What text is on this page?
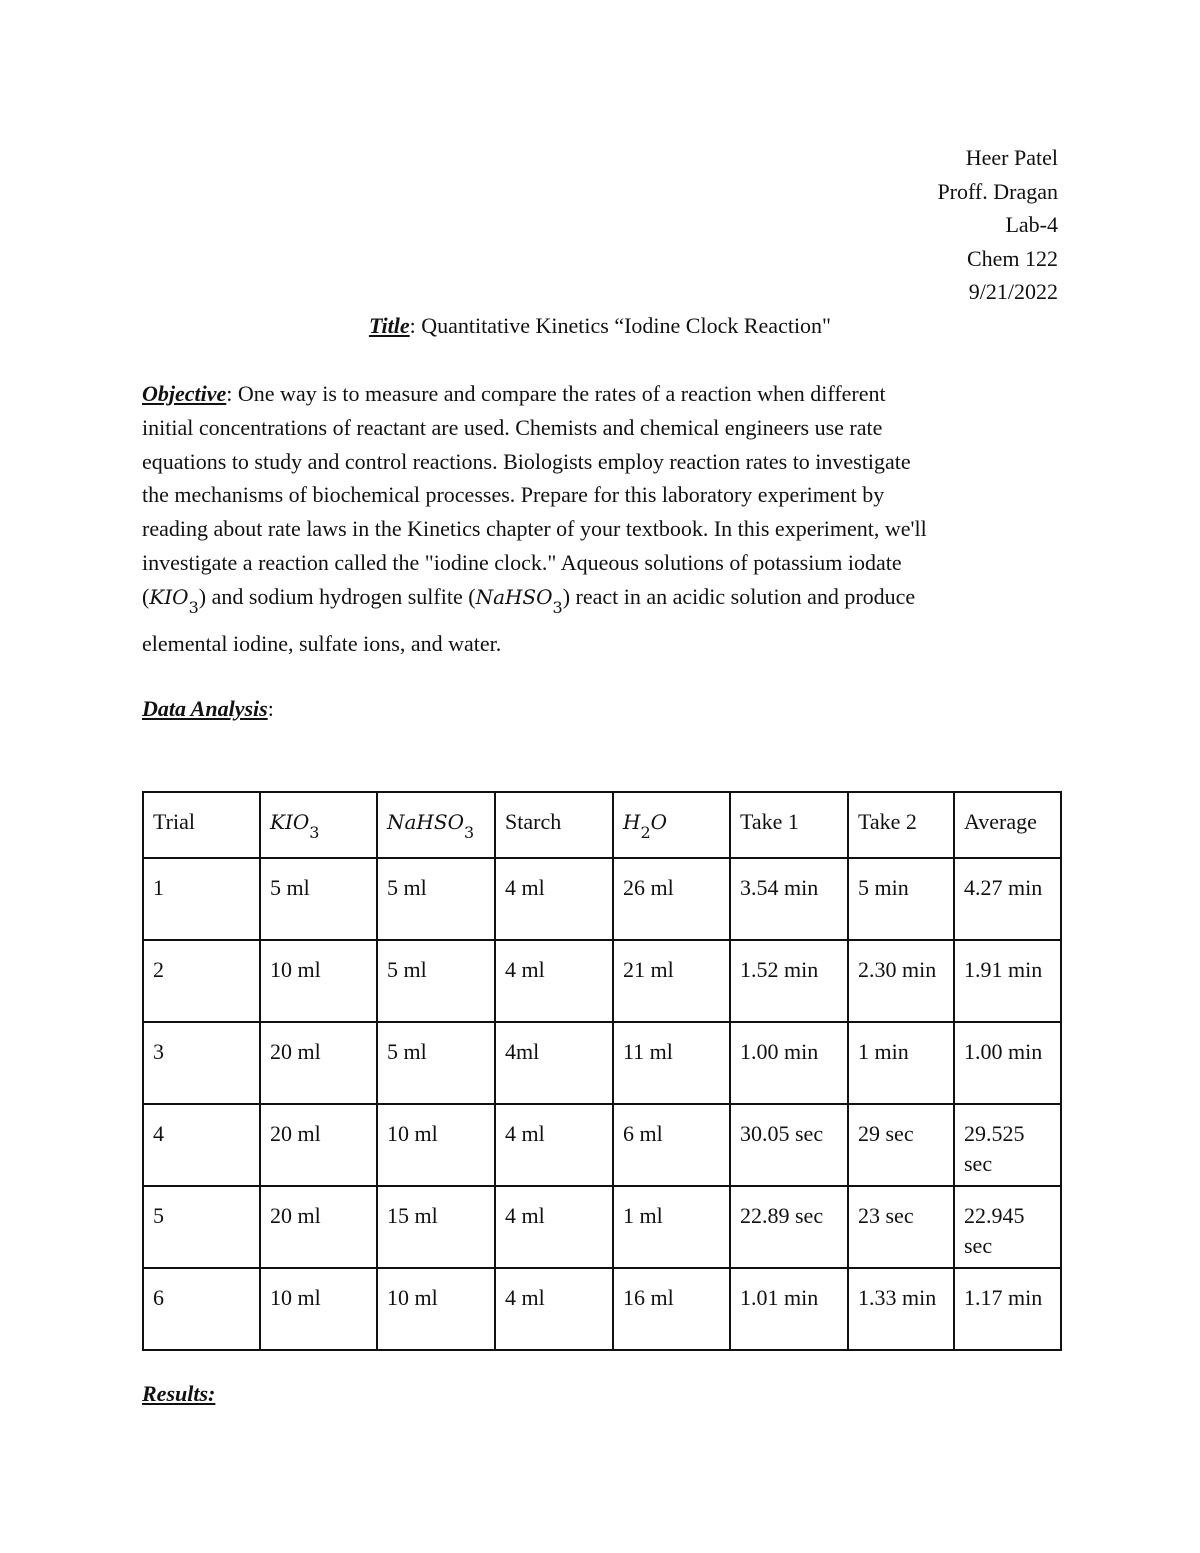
Heer Patel
Proff. Dragan
Lab-4
Chem 122
9/21/2022
Title: Quantitative Kinetics “Iodine Clock Reaction"
Objective: One way is to measure and compare the rates of a reaction when different
initial concentrations of reactant are used. Chemists and chemical engineers use rate
equations to study and control reactions. Biologists employ reaction rates to investigate
the mechanisms of biochemical processes. Prepare for this laboratory experiment by
reading about rate laws in the Kinetics chapter of your textbook. In this experiment, we'll
investigate a reaction called the "iodine clock." Aqueous solutions of potassium iodate
$(KIO_3)$ and sodium hydrogen sulfite (NaHSO$_3$) react in an acidic solution and produce
elemental iodine, sulfate ions, and water.
Data Analysis:
Trial	$KIO_3$	NaHSO$_3$	Starch	$H_2O$	Take 1	Take 2	Average
1	5 ml	5 ml	4 ml	26 ml	3.54 min	5 min	4.27 min
2	10 ml	5 ml	4 ml	21 ml	1.52 min	2.30 min	1.91 min
3	20 ml	5 ml	4ml	11 ml	1.00 min	1 min	1.00 min
4	20 ml	10 ml	4 ml	6 ml	30.05 sec	29 sec	29.525 sec
5	20 ml	15 ml	4 ml	1 ml	22.89 sec	23 sec	22.945 sec
6	10 ml	10 ml	4 ml	16 ml	1.01 min	1.33 min	1.17 min
Results:
